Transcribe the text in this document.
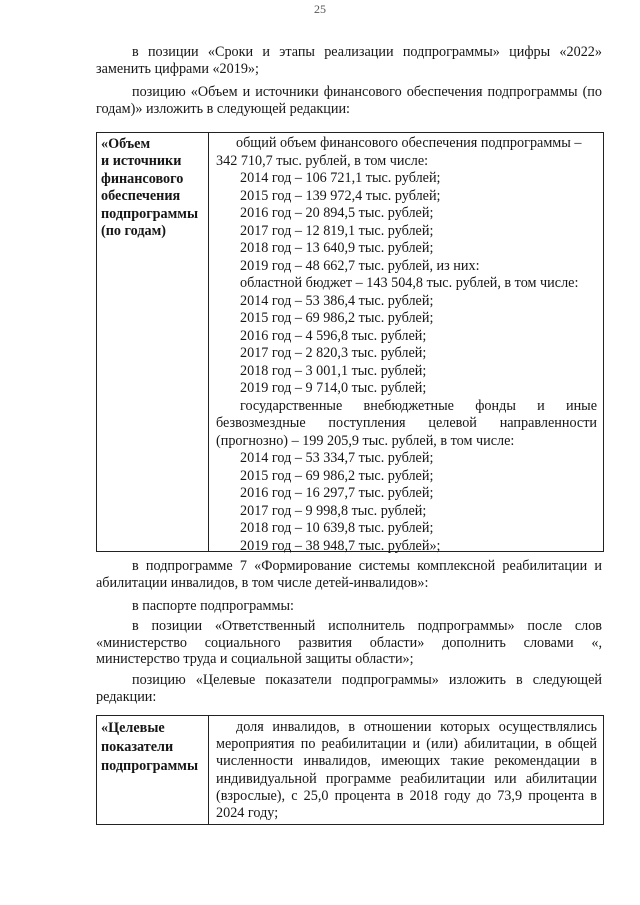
25
в позиции «Сроки и этапы реализации подпрограммы» цифры «2022» заменить цифрами «2019»;
позицию «Объем и источники финансового обеспечения подпрограммы (по годам)» изложить в следующей редакции:
«Объем
и источники
финансового
обеспечения
подпрограммы
(по годам)
общий объем финансового обеспечения подпрограммы –
342 710,7 тыс. рублей, в том числе:
2014 год – 106 721,1 тыс. рублей;
2015 год – 139 972,4 тыс. рублей;
2016 год – 20 894,5 тыс. рублей;
2017 год – 12 819,1 тыс. рублей;
2018 год – 13 640,9 тыс. рублей;
2019 год – 48 662,7 тыс. рублей, из них:
областной бюджет – 143 504,8 тыс. рублей, в том числе:
2014 год – 53 386,4 тыс. рублей;
2015 год – 69 986,2 тыс. рублей;
2016 год – 4 596,8 тыс. рублей;
2017 год – 2 820,3 тыс. рублей;
2018 год – 3 001,1 тыс. рублей;
2019 год – 9 714,0 тыс. рублей;
государственные внебюджетные фонды и иные
безвозмездные поступления целевой направленности
(прогнозно) – 199 205,9 тыс. рублей, в том числе:
2014 год – 53 334,7 тыс. рублей;
2015 год – 69 986,2 тыс. рублей;
2016 год – 16 297,7 тыс. рублей;
2017 год – 9 998,8 тыс. рублей;
2018 год – 10 639,8 тыс. рублей;
2019 год – 38 948,7 тыс. рублей»;
в подпрограмме 7 «Формирование системы комплексной реабилитации и абилитации инвалидов, в том числе детей-инвалидов»:
в паспорте подпрограммы:
в позиции «Ответственный исполнитель подпрограммы» после слов «министерство социального развития области» дополнить словами «, министерство труда и социальной защиты области»;
позицию «Целевые показатели подпрограммы» изложить в следующей редакции:
«Целевые
показатели
подпрограммы
доля инвалидов, в отношении которых осуществлялись мероприятия по реабилитации и (или) абилитации, в общей численности инвалидов, имеющих такие рекомендации в индивидуальной программе реабилитации или абилитации (взрослые), с 25,0 процента в 2018 году до 73,9 процента в 2024 году;
